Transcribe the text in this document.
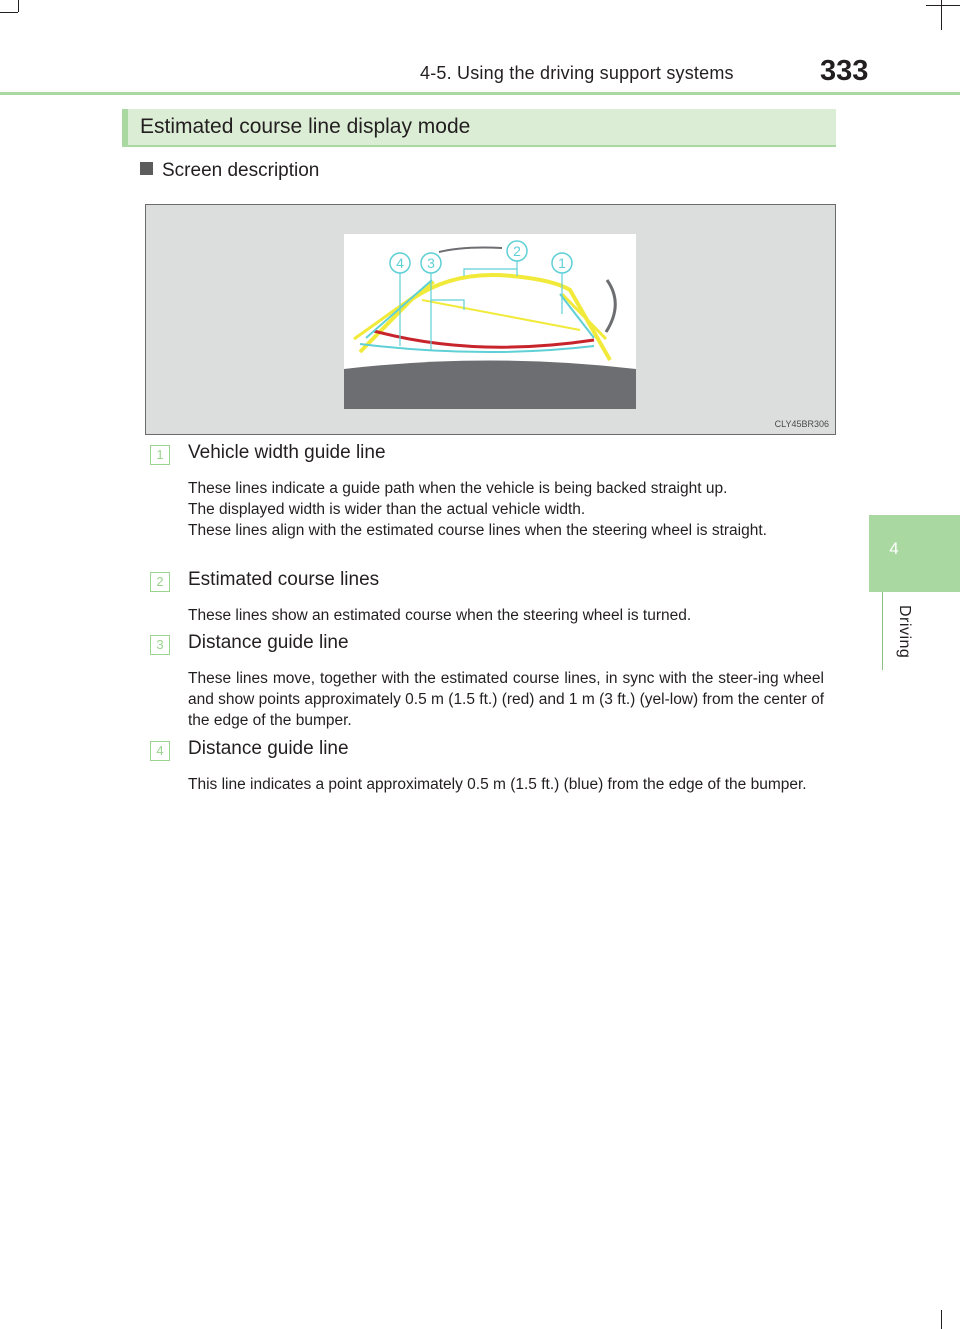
4-5. Using the driving support systems	333
4
Driving
Estimated course line display mode
Screen description
4 3
2
1
CLY45BR306
1	Vehicle width guide line

These lines indicate a guide path when the vehicle is being backed straight up.

The displayed width is wider than the actual vehicle width.

These lines align with the estimated course lines when the steering wheel is straight.

2	Estimated course lines

These lines show an estimated course when the steering wheel is turned.

3	Distance guide line

These lines move, together with the estimated course lines, in sync with the steer-ing wheel and show points approximately 0.5 m (1.5 ft.) (red) and 1 m (3 ft.) (yel-low) from the center of the edge of the bumper.

4	Distance guide line

This line indicates a point approximately 0.5 m (1.5 ft.) (blue) from the edge of the bumper.
